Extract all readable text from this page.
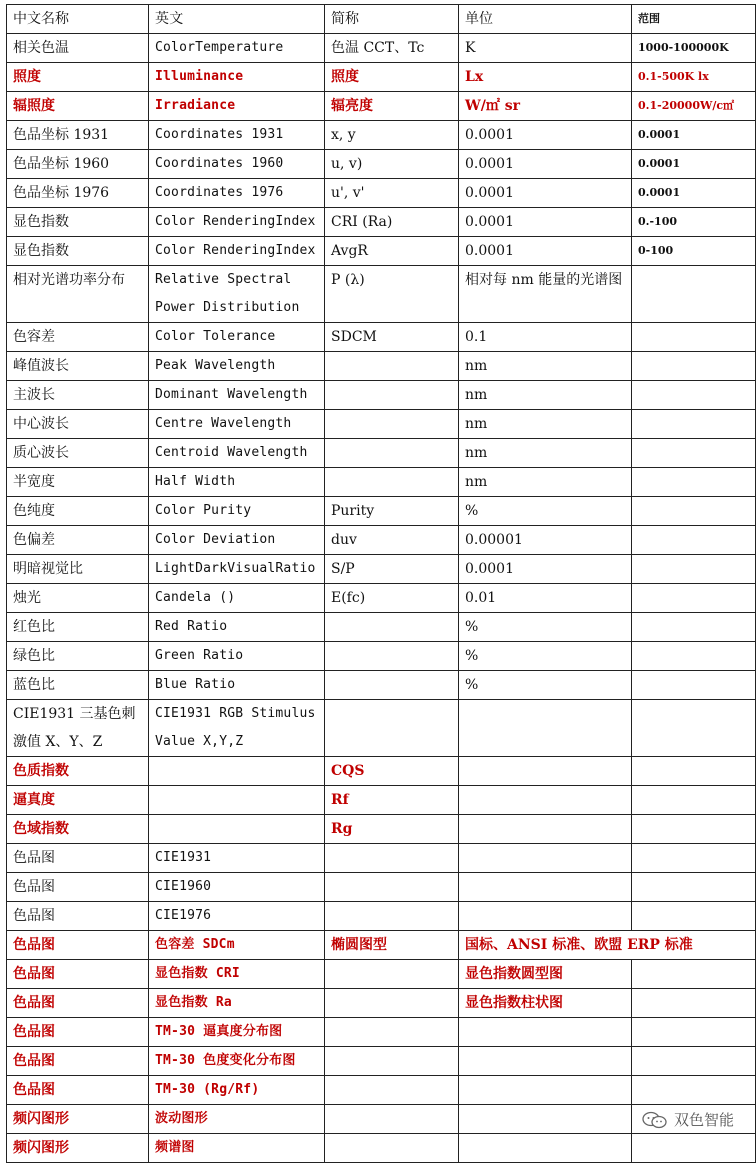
中文名称	英文	简称	单位	范围
相关色温	ColorTemperature	色温 CCT、Tc	K	1000-100000K
照度	Illuminance	照度	Lx	0.1-500K lx
辐照度	Irradiance	辐亮度	W/㎡ sr	0.1-20000W/c㎡
色品坐标 1931	Coordinates 1931	x, y	0.0001	0.0001
色品坐标 1960	Coordinates 1960	u, v)	0.0001	0.0001
色品坐标 1976	Coordinates 1976	u', v'	0.0001	0.0001
显色指数	Color RenderingIndex	CRI (Ra)	0.0001	0.-100
显色指数	Color RenderingIndex	AvgR	0.0001	0-100
相对光谱功率分布	Relative Spectral Power Distribution	P (λ)	相对每 nm 能量的光谱图	
色容差	Color Tolerance	SDCM	0.1	
峰值波长	Peak Wavelength		nm	
主波长	Dominant Wavelength		nm	
中心波长	Centre Wavelength		nm	
质心波长	Centroid Wavelength		nm	
半宽度	Half Width		nm	
色纯度	Color Purity	Purity	%	
色偏差	Color Deviation	duv	0.00001	
明暗视觉比	LightDarkVisualRatio	S/P	0.0001	
烛光	Candela ()	E(fc)	0.01	
红色比	Red Ratio		%	
绿色比	Green Ratio		%	
蓝色比	Blue Ratio		%	
CIE1931 三基色刺激值 X、Y、Z	CIE1931 RGB Stimulus Value X,Y,Z			
色质指数		CQS		
逼真度		Rf		
色域指数		Rg		
色品图	CIE1931			
色品图	CIE1960			
色品图	CIE1976			
色品图	色容差 SDCm	椭圆图型	国标、ANSI 标准、欧盟 ERP 标准	
色品图	显色指数 CRI		显色指数圆型图	
色品图	显色指数 Ra		显色指数柱状图	
色品图	TM-30 逼真度分布图			
色品图	TM-30 色度变化分布图			
色品图	TM-30 (Rg/Rf)			
频闪图形	波动图形			
频闪图形	频谱图			
双色智能
